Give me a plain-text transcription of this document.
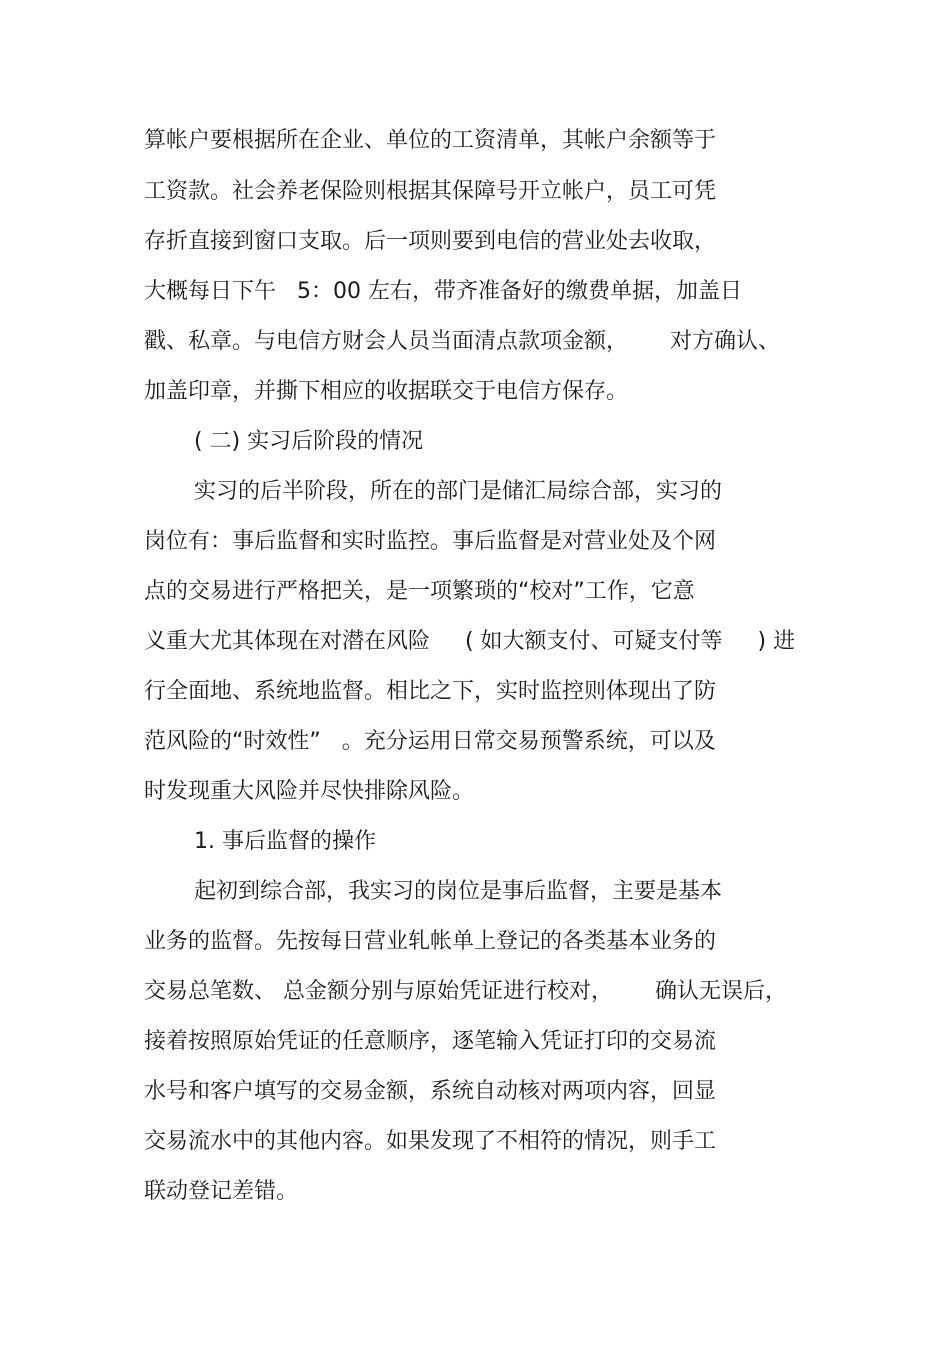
算帐户要根据所在企业、单位的工资清单，其帐户余额等于
工资款。社会养老保险则根据其保障号开立帐户，员工可凭
存折直接到窗口支取。后一项则要到电信的营业处去收取，
大概每日下午   5：00 左右，带齐准备好的缴费单据，加盖日
戳、私章。与电信方财会人员当面清点款项金额，      对方确认、
加盖印章，并撕下相应的收据联交于电信方保存。
( 二) 实习后阶段的情况
实习的后半阶段，所在的部门是储汇局综合部，实习的
岗位有：事后监督和实时监控。事后监督是对营业处及个网
点的交易进行严格把关，是一项繁琐的“校对”工作，它意
义重大尤其体现在对潜在风险     ( 如大额支付、可疑支付等     ) 进
行全面地、系统地监督。相比之下，实时监控则体现出了防
范风险的“时效性”   。充分运用日常交易预警系统，可以及
时发现重大风险并尽快排除风险。
1. 事后监督的操作
起初到综合部，我实习的岗位是事后监督，主要是基本
业务的监督。先按每日营业轧帐单上登记的各类基本业务的
交易总笔数、 总金额分别与原始凭证进行校对，      确认无误后，
接着按照原始凭证的任意顺序，逐笔输入凭证打印的交易流
水号和客户填写的交易金额，系统自动核对两项内容，回显
交易流水中的其他内容。如果发现了不相符的情况，则手工
联动登记差错。
